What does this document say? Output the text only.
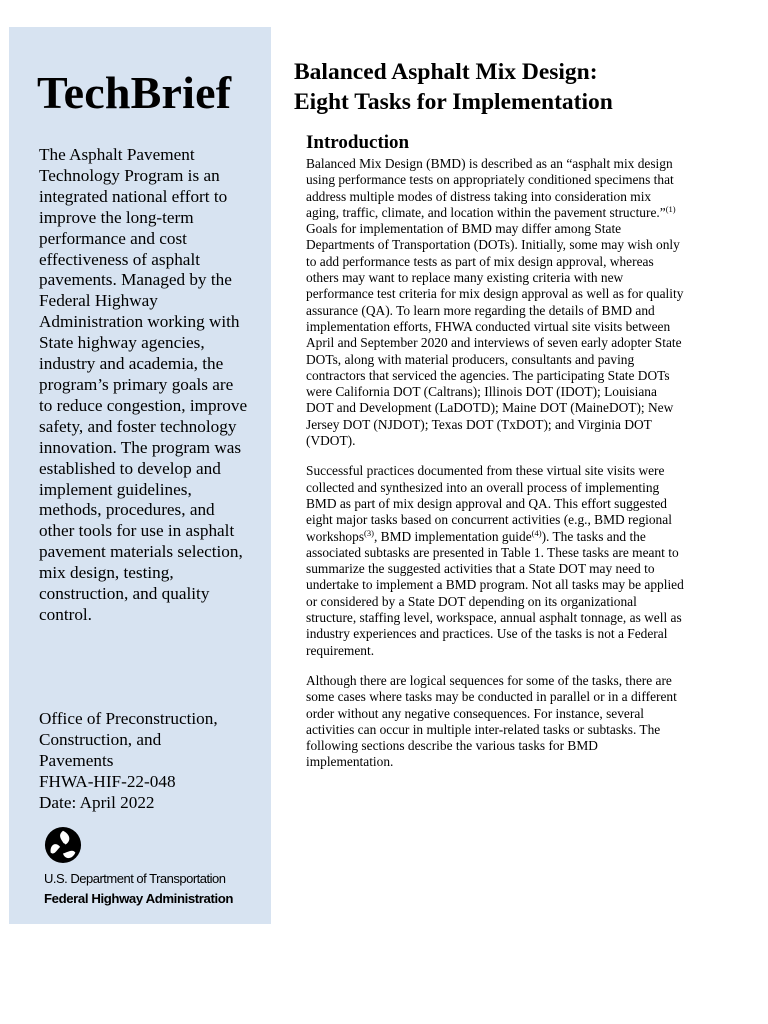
TechBrief

The Asphalt Pavement Technology Program is an integrated national effort to improve the long-term performance and cost effectiveness of asphalt pavements. Managed by the Federal Highway Administration working with State highway agencies, industry and academia, the program’s primary goals are to reduce congestion, improve safety, and foster technology innovation. The program was established to develop and implement guidelines, methods, procedures, and other tools for use in asphalt pavement materials selection, mix design, testing, construction, and quality control.

Office of Preconstruction,
Construction, and
Pavements
FHWA-HIF-22-048
Date: April 2022
U.S. Department of Transportation
Federal Highway Administration
Balanced Asphalt Mix Design:
Eight Tasks for Implementation
Introduction

Balanced Mix Design (BMD) is described as an “asphalt mix design using performance tests on appropriately conditioned specimens that address multiple modes of distress taking into consideration mix aging, traffic, climate, and location within the pavement structure.”$^{(1)}$ Goals for implementation of BMD may differ among State Departments of Transportation (DOTs). Initially, some may wish only to add performance tests as part of mix design approval, whereas others may want to replace many existing criteria with new performance test criteria for mix design approval as well as for quality assurance (QA). To learn more regarding the details of BMD and implementation efforts, FHWA conducted virtual site visits between April and September 2020 and interviews of seven early adopter State DOTs, along with material producers, consultants and paving contractors that serviced the agencies. The participating State DOTs were California DOT (Caltrans); Illinois DOT (IDOT); Louisiana DOT and Development (LaDOTD); Maine DOT (MaineDOT); New Jersey DOT (NJDOT); Texas DOT (TxDOT); and Virginia DOT (VDOT).

Successful practices documented from these virtual site visits were collected and synthesized into an overall process of implementing BMD as part of mix design approval and QA. This effort suggested eight major tasks based on concurrent activities (e.g., BMD regional workshops$^{(3)}$, BMD implementation guide$^{(4)}$). The tasks and the associated subtasks are presented in Table 1. These tasks are meant to summarize the suggested activities that a State DOT may need to undertake to implement a BMD program. Not all tasks may be applied or considered by a State DOT depending on its organizational structure, staffing level, workspace, annual asphalt tonnage, as well as industry experiences and practices. Use of the tasks is not a Federal requirement.

Although there are logical sequences for some of the tasks, there are some cases where tasks may be conducted in parallel or in a different order without any negative consequences. For instance, several activities can occur in multiple inter-related tasks or subtasks. The following sections describe the various tasks for BMD implementation.
